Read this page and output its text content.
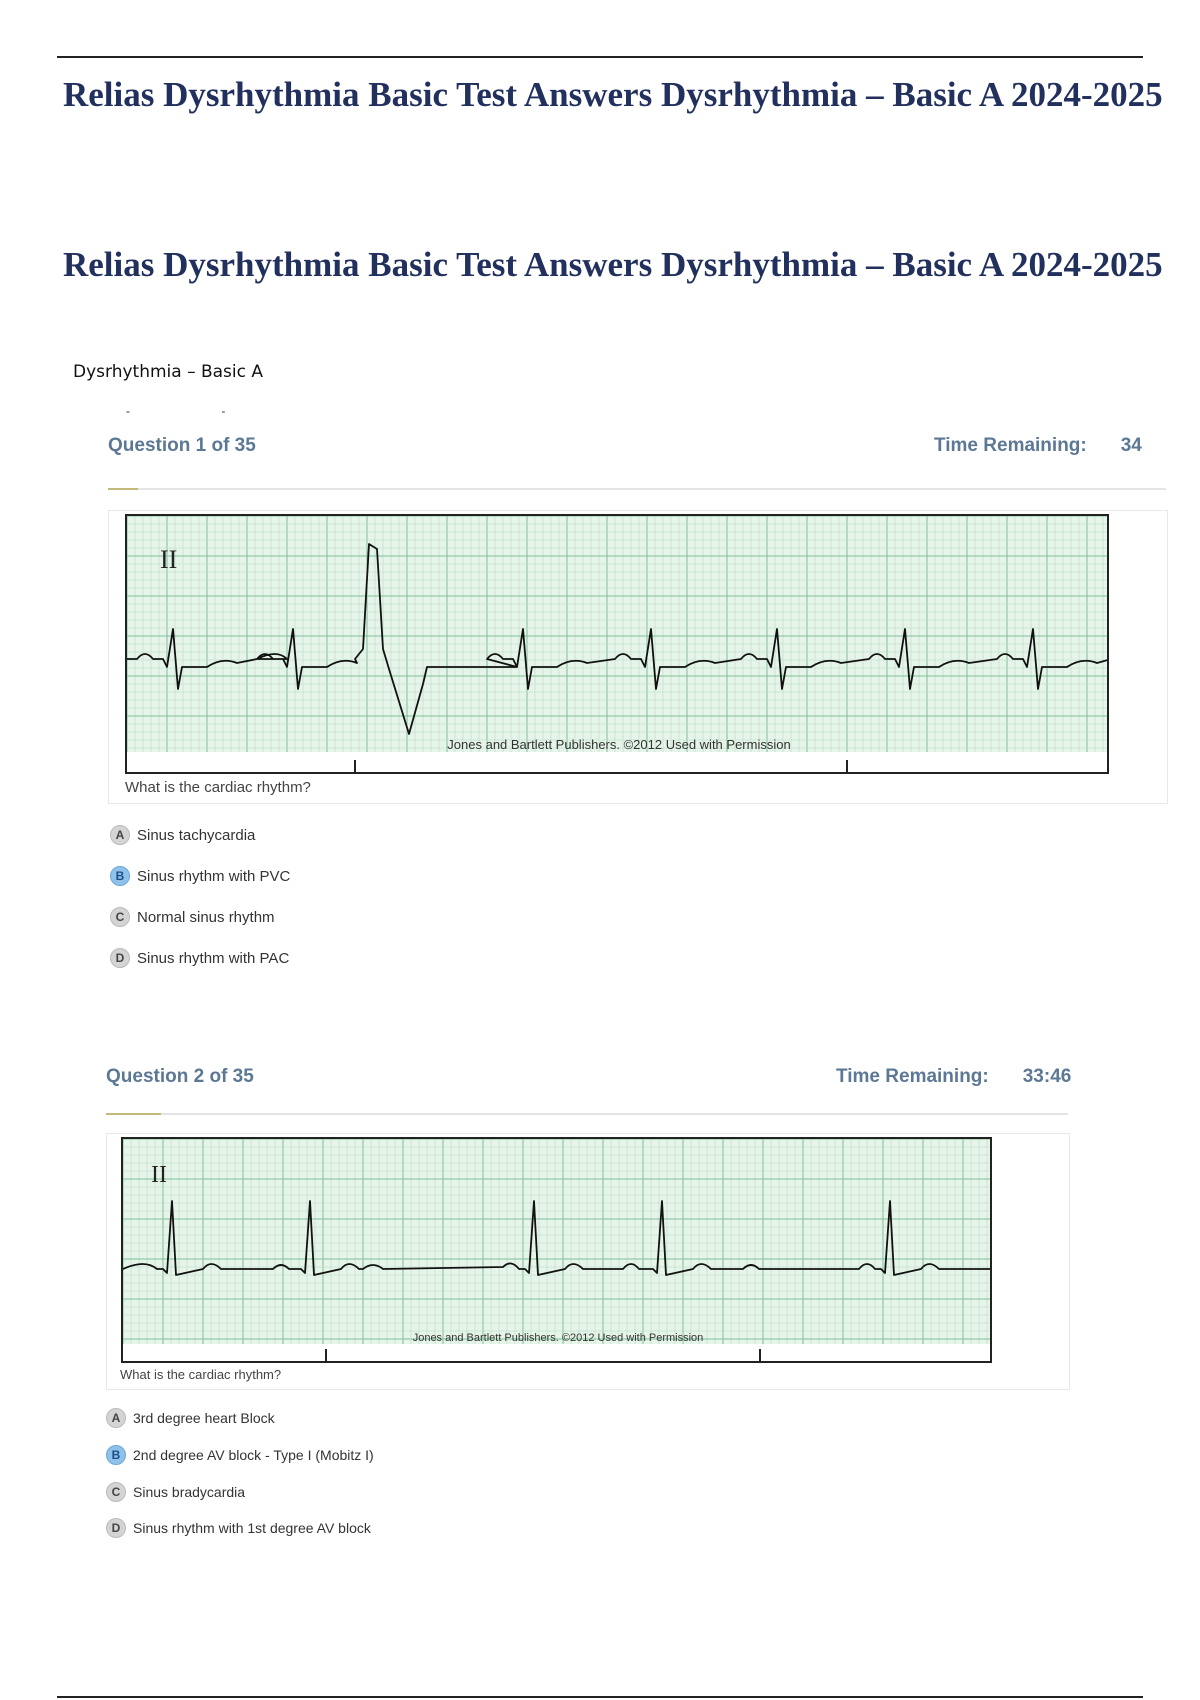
Relias Dysrhythmia Basic Test Answers Dysrhythmia – Basic A 2024-2025
Relias Dysrhythmia Basic Test Answers Dysrhythmia – Basic A 2024-2025
Dysrhythmia – Basic A
- -
Question 1 of 35	Time Remaining: 34
II
Jones and Bartlett Publishers. ©2012 Used with Permission
What is the cardiac rhythm?
A Sinus tachycardia
B Sinus rhythm with PVC
C Normal sinus rhythm
D Sinus rhythm with PAC
Question 2 of 35	Time Remaining: 33:46
II
Jones and Bartlett Publishers. ©2012 Used with Permission
What is the cardiac rhythm?
A 3rd degree heart Block
B 2nd degree AV block - Type I (Mobitz I)
C Sinus bradycardia
D Sinus rhythm with 1st degree AV block
